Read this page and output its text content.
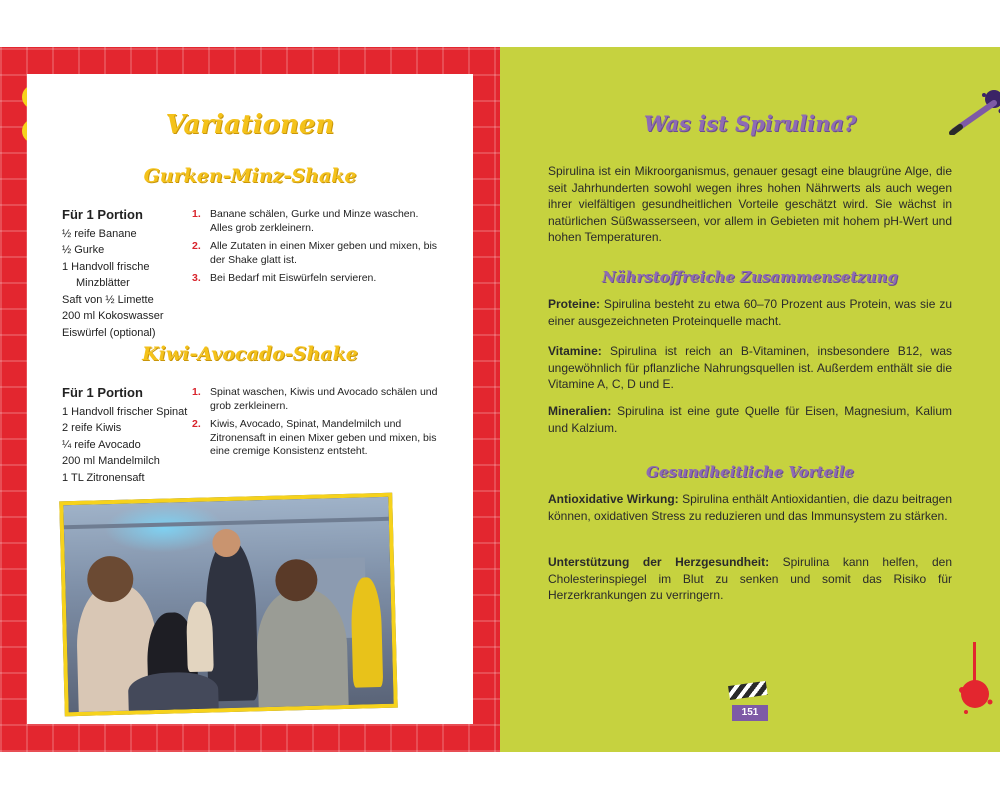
Variationen
Gurken-Minz-Shake
Für 1 Portion
½ reife Banane
½ Gurke
1 Handvoll frische
Minzblätter
Saft von ½ Limette
200 ml Kokoswasser
Eiswürfel (optional)
1. Banane schälen, Gurke und Minze waschen. Alles grob zerkleinern.
2. Alle Zutaten in einen Mixer geben und mixen, bis der Shake glatt ist.
3. Bei Bedarf mit Eiswürfeln servieren.
Kiwi-Avocado-Shake
Für 1 Portion
1 Handvoll frischer Spinat
2 reife Kiwis
¼ reife Avocado
200 ml Mandelmilch
1 TL Zitronensaft
1. Spinat waschen, Kiwis und Avocado schälen und grob zerkleinern.
2. Kiwis, Avocado, Spinat, Mandelmilch und Zitronensaft in einen Mixer geben und mixen, bis eine cremige Konsistenz entsteht.
Was ist Spirulina?
Spirulina ist ein Mikroorganismus, genauer gesagt eine blaugrüne Alge, die seit Jahrhunderten sowohl wegen ihres hohen Nährwerts als auch wegen ihrer vielfältigen gesundheitlichen Vorteile geschätzt wird. Sie wächst in natürlichen Süßwasserseen, vor allem in Gebieten mit hohem pH-Wert und hohen Temperaturen.
Nährstoffreiche Zusammensetzung
Proteine: Spirulina besteht zu etwa 60–70 Prozent aus Protein, was sie zu einer ausgezeichneten Proteinquelle macht.
Vitamine: Spirulina ist reich an B-Vitaminen, insbesondere B12, was ungewöhnlich für pflanzliche Nahrungsquellen ist. Außerdem enthält sie die Vitamine A, C, D und E.
Mineralien: Spirulina ist eine gute Quelle für Eisen, Magnesium, Kalium und Kalzium.
Gesundheitliche Vorteile
Antioxidative Wirkung: Spirulina enthält Antioxidantien, die dazu beitragen können, oxidativen Stress zu reduzieren und das Immunsystem zu stärken.
Unterstützung der Herzgesundheit: Spirulina kann helfen, den Cholesterinspiegel im Blut zu senken und somit das Risiko für Herzerkrankungen zu verringern.
151
